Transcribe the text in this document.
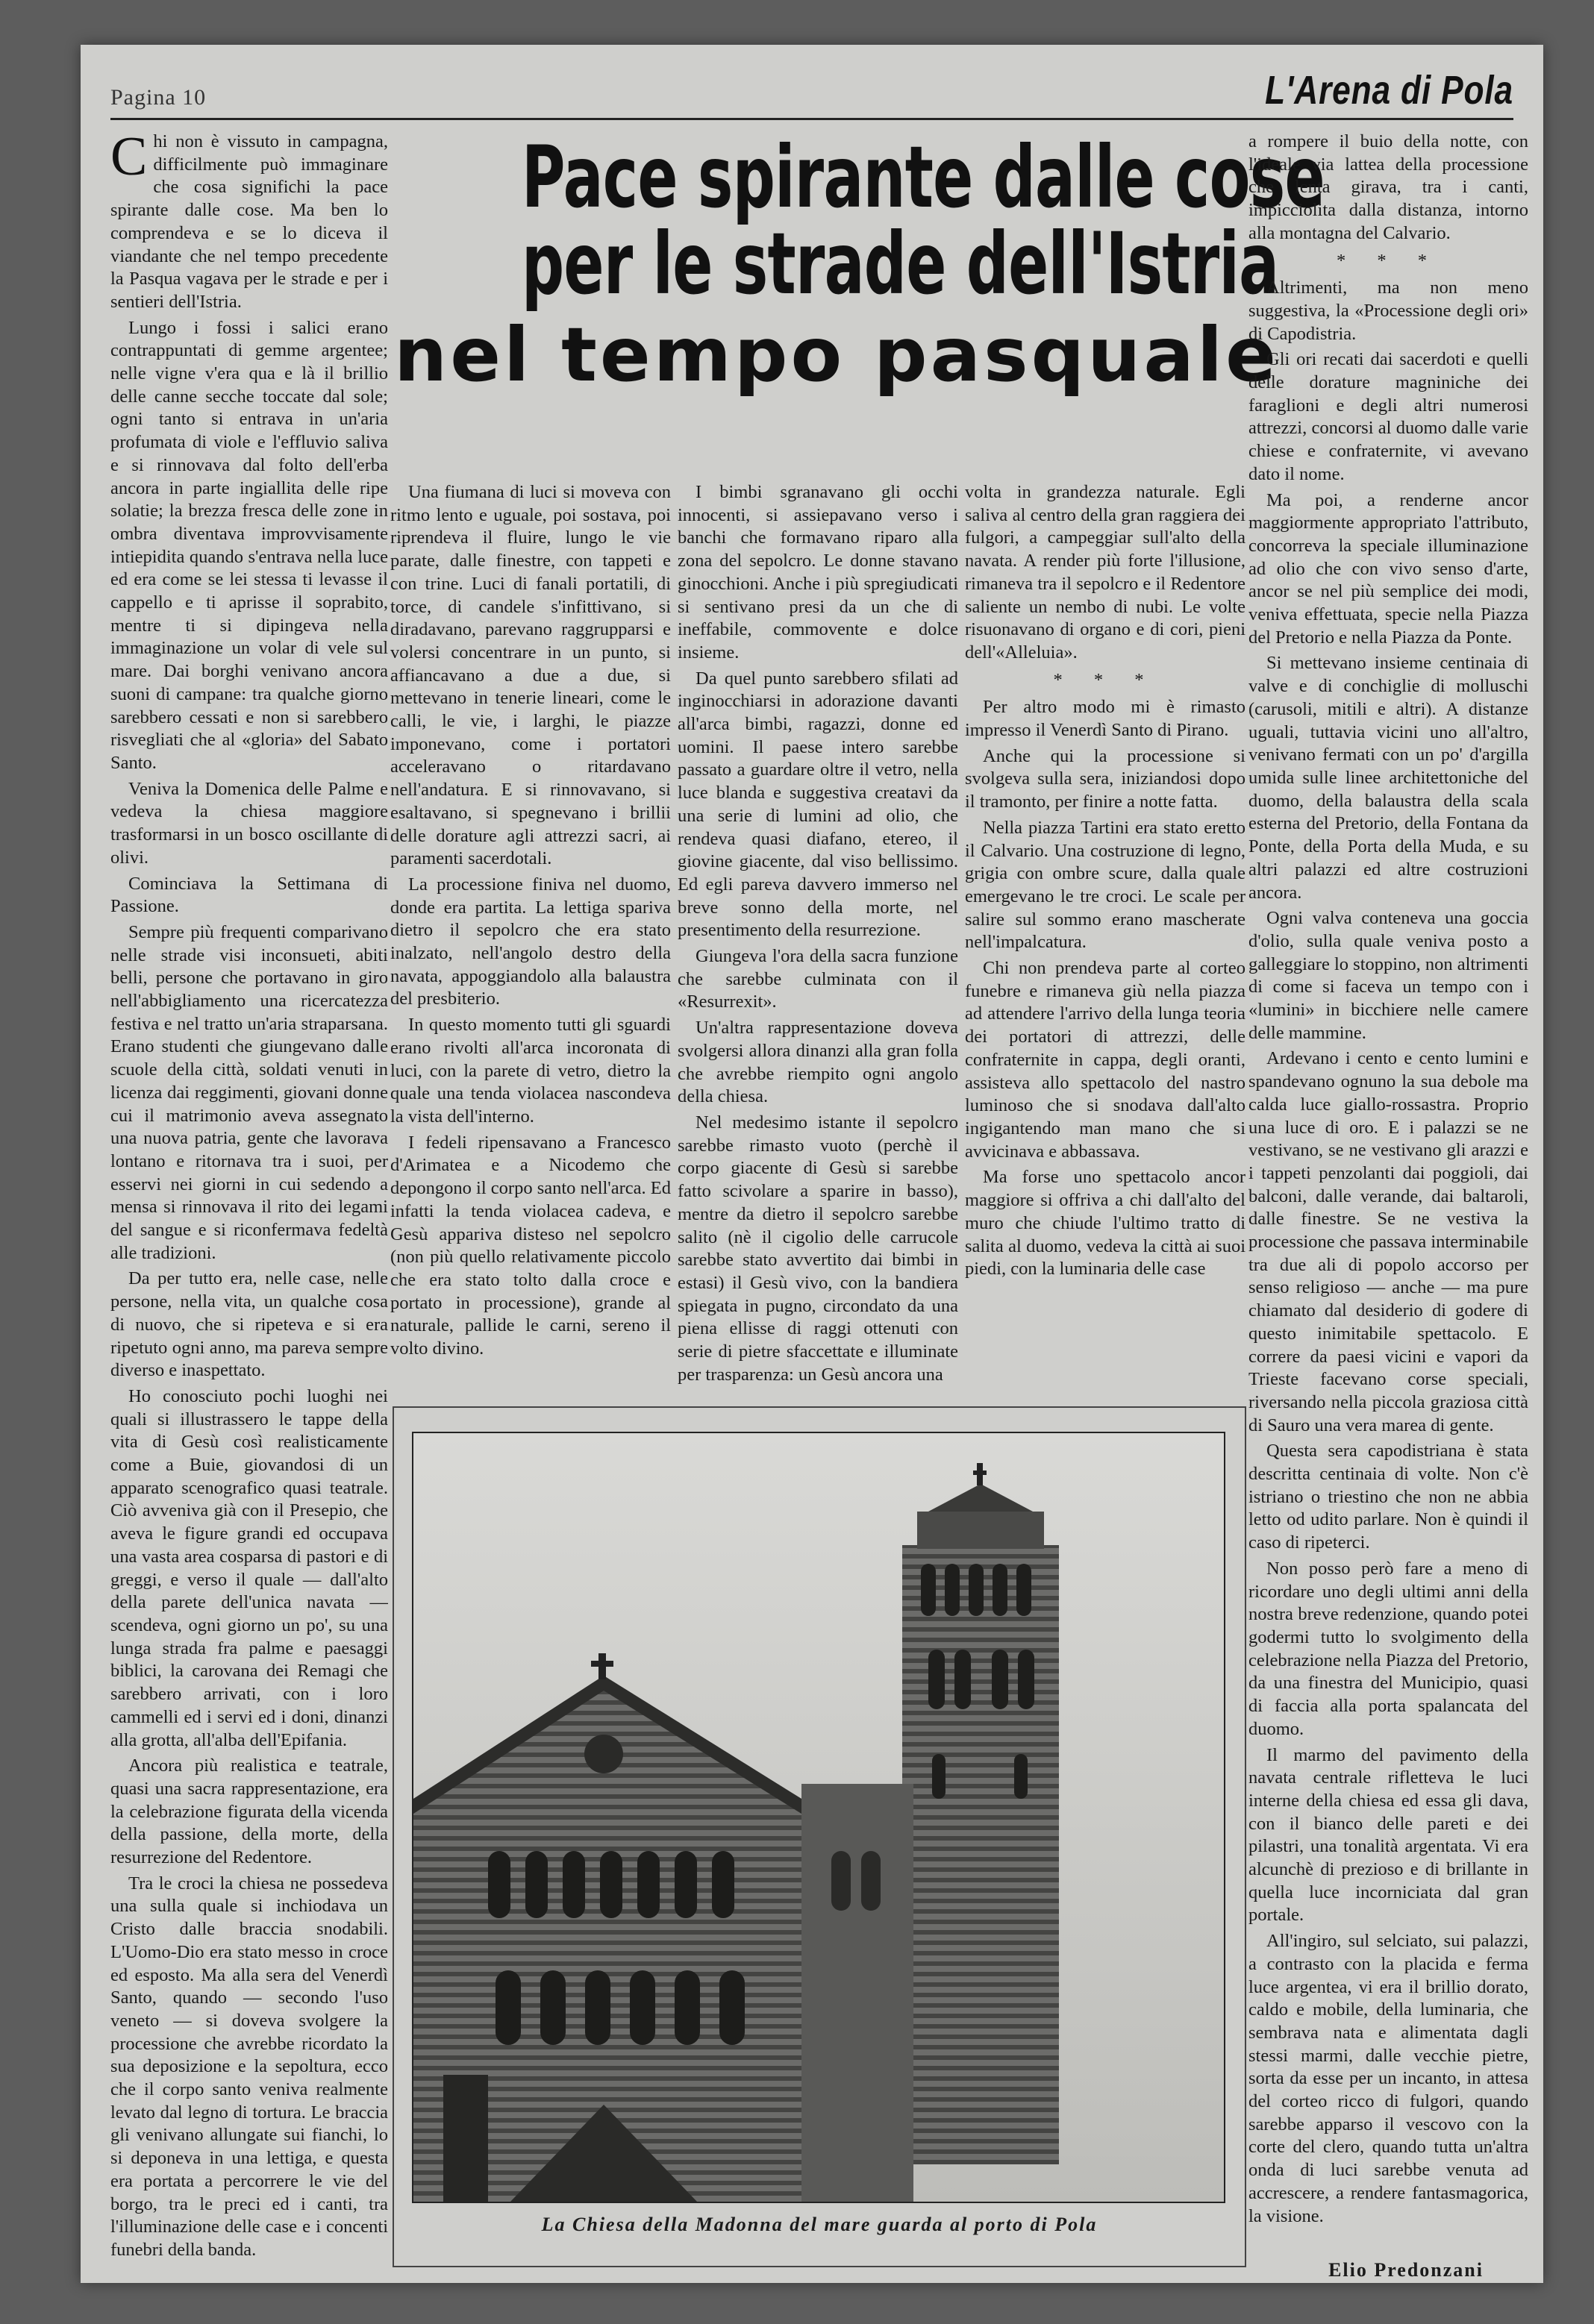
Pagina 10	L'Arena di Pola
C hi non è vissuto in campagna, difficilmente può immaginare che cosa significhi la pace spirante dalle cose. Ma ben lo comprendeva e se lo diceva il viandante che nel tempo precedente la Pasqua vagava per le strade e per i sentieri dell'Istria.

Lungo i fossi i salici erano contrappuntati di gemme argentee; nelle vigne v'era qua e là il brillio delle canne secche toccate dal sole; ogni tanto si entrava in un'aria profumata di viole e l'effluvio saliva e si rinnovava dal folto dell'erba ancora in parte ingiallita delle ripe solatie; la brezza fresca delle zone in ombra diventava improvvisamente intiepidita quando s'entrava nella luce ed era come se lei stessa ti levasse il cappello e ti aprisse il soprabito, mentre ti si dipingeva nella immaginazione un volar di vele sul mare. Dai borghi venivano ancora suoni di campane: tra qualche giorno sarebbero cessati e non si sarebbero risvegliati che al «gloria» del Sabato Santo.

Veniva la Domenica delle Palme e vedeva la chiesa maggiore trasformarsi in un bosco oscillante di olivi.

Cominciava la Settimana di Passione.

Sempre più frequenti comparivano nelle strade visi inconsueti, abiti belli, persone che portavano in giro nell'abbigliamento una ricercatezza festiva e nel tratto un'aria straparsana. Erano studenti che giungevano dalle scuole della città, soldati venuti in licenza dai reggimenti, giovani donne cui il matrimonio aveva assegnato una nuova patria, gente che lavorava lontano e ritornava tra i suoi, per esservi nei giorni in cui sedendo a mensa si rinnovava il rito dei legami del sangue e si riconfermava fedeltà alle tradizioni.

Da per tutto era, nelle case, nelle persone, nella vita, un qualche cosa di nuovo, che si ripeteva e si era ripetuto ogni anno, ma pareva sempre diverso e inaspettato.

Ho conosciuto pochi luoghi nei quali si illustrassero le tappe della vita di Gesù così realisticamente come a Buie, giovandosi di un apparato scenografico quasi teatrale. Ciò avveniva già con il Presepio, che aveva le figure grandi ed occupava una vasta area cosparsa di pastori e di greggi, e verso il quale — dall'alto della parete dell'unica navata — scendeva, ogni giorno un po', su una lunga strada fra palme e paesaggi biblici, la carovana dei Remagi che sarebbero arrivati, con i loro cammelli ed i servi ed i doni, dinanzi alla grotta, all'alba dell'Epifania.

Ancora più realistica e teatrale, quasi una sacra rappresentazione, era la celebrazione figurata della vicenda della passione, della morte, della resurrezione del Redentore.

Tra le croci la chiesa ne possedeva una sulla quale si inchiodava un Cristo dalle braccia snodabili. L'Uomo-Dio era stato messo in croce ed esposto. Ma alla sera del Venerdì Santo, quando — secondo l'uso veneto — si doveva svolgere la processione che avrebbe ricordato la sua deposizione e la sepoltura, ecco che il corpo santo veniva realmente levato dal legno di tortura. Le braccia gli venivano allungate sui fianchi, lo si deponeva in una lettiga, e questa era portata a percorrere le vie del borgo, tra le preci ed i canti, tra l'illuminazione delle case e i concenti funebri della banda.

Pace spirante dalle cose
per le strade dell'Istria
nel tempo pasquale

Una fiumana di luci si moveva con ritmo lento e uguale, poi sostava, poi riprendeva il fluire, lungo le vie parate, dalle finestre, con tappeti e con trine. Luci di fanali portatili, di torce, di candele s'infittivano, si diradavano, parevano raggrupparsi e volersi concentrare in un punto, si affiancavano a due a due, si mettevano in tenerie lineari, come le calli, le vie, i larghi, le piazze imponevano, come i portatori acceleravano o ritardavano nell'andatura. E si rinnovavano, si esaltavano, si spegnevano i brillii delle dorature agli attrezzi sacri, ai paramenti sacerdotali.

La processione finiva nel duomo, donde era partita. La lettiga spariva dietro il sepolcro che era stato inalzato, nell'angolo destro della navata, appoggiandolo alla balaustra del presbiterio.

In questo momento tutti gli sguardi erano rivolti all'arca incoronata di luci, con la parete di vetro, dietro la quale una tenda violacea nascondeva la vista dell'interno.

I fedeli ripensavano a Francesco d'Arimatea e a Nicodemo che depongono il corpo santo nell'arca. Ed infatti la tenda violacea cadeva, e Gesù appariva disteso nel sepolcro (non più quello relativamente piccolo che era stato tolto dalla croce e portato in processione), grande al naturale, pallide le carni, sereno il volto divino.

I bimbi sgranavano gli occhi innocenti, si assiepavano verso i banchi che formavano riparo alla zona del sepolcro. Le donne stavano ginocchioni. Anche i più spregiudicati si sentivano presi da un che di ineffabile, commovente e dolce insieme.

Da quel punto sarebbero sfilati ad inginocchiarsi in adorazione davanti all'arca bimbi, ragazzi, donne ed uomini. Il paese intero sarebbe passato a guardare oltre il vetro, nella luce blanda e suggestiva creatavi da una serie di lumini ad olio, che rendeva quasi diafano, etereo, il giovine giacente, dal viso bellissimo. Ed egli pareva davvero immerso nel breve sonno della morte, nel presentimento della resurrezione.

Giungeva l'ora della sacra funzione che sarebbe culminata con il «Resurrexit».

Un'altra rappresentazione doveva svolgersi allora dinanzi alla gran folla che avrebbe riempito ogni angolo della chiesa.

Nel medesimo istante il sepolcro sarebbe rimasto vuoto (perchè il corpo giacente di Gesù si sarebbe fatto scivolare a sparire in basso), mentre da dietro il sepolcro sarebbe salito (nè il cigolio delle carrucole sarebbe stato avvertito dai bimbi in estasi) il Gesù vivo, con la bandiera spiegata in pugno, circondato da una piena ellisse di raggi ottenuti con serie di pietre sfaccettate e illuminate per trasparenza: un Gesù ancora una

volta in grandezza naturale. Egli saliva al centro della gran raggiera dei fulgori, a campeggiar sull'alto della navata. A render più forte l'illusione, rimaneva tra il sepolcro e il Redentore saliente un nembo di nubi. Le volte risuonavano di organo e di cori, pieni dell'«Alleluia».

* * *

Per altro modo mi è rimasto impresso il Venerdì Santo di Pirano.

Anche qui la processione si svolgeva sulla sera, iniziandosi dopo il tramonto, per finire a notte fatta.

Nella piazza Tartini era stato eretto il Calvario. Una costruzione di legno, grigia con ombre scure, dalla quale emergevano le tre croci. Le scale per salire sul sommo erano mascherate nell'impalcatura.

Chi non prendeva parte al corteo funebre e rimaneva giù nella piazza ad attendere l'arrivo della lunga teoria dei portatori di attrezzi, delle confraternite in cappa, degli oranti, assisteva allo spettacolo del nastro luminoso che si snodava dall'alto ingigantendo man mano che si avvicinava e abbassava.

Ma forse uno spettacolo ancor maggiore si offriva a chi dall'alto del muro che chiude l'ultimo tratto di salita al duomo, vedeva la città ai suoi piedi, con la luminaria delle case

a rompere il buio della notte, con l'ideale via lattea della processione che lenta girava, tra i canti, impicciolita dalla distanza, intorno alla montagna del Calvario.

* * *

Altrimenti, ma non meno suggestiva, la «Processione degli ori» di Capodistria.

Gli ori recati dai sacerdoti e quelli delle dorature magniniche dei faraglioni e degli altri numerosi attrezzi, concorsi al duomo dalle varie chiese e confraternite, vi avevano dato il nome.

Ma poi, a renderne ancor maggiormente appropriato l'attributo, concorreva la speciale illuminazione ad olio che con vivo senso d'arte, ancor se nel più semplice dei modi, veniva effettuata, specie nella Piazza del Pretorio e nella Piazza da Ponte.

Si mettevano insieme centinaia di valve e di conchiglie di molluschi (carusoli, mitili e altri). A distanze uguali, tuttavia vicini uno all'altro, venivano fermati con un po' d'argilla umida sulle linee architettoniche del duomo, della balaustra della scala esterna del Pretorio, della Fontana da Ponte, della Porta della Muda, e su altri palazzi ed altre costruzioni ancora.

Ogni valva conteneva una goccia d'olio, sulla quale veniva posto a galleggiare lo stoppino, non altrimenti di come si faceva un tempo con i «lumini» in bicchiere nelle camere delle mammine.

Ardevano i cento e cento lumini e spandevano ognuno la sua debole ma calda luce giallo-rossastra. Proprio una luce di oro. E i palazzi se ne vestivano, se ne vestivano gli arazzi e i tappeti penzolanti dai poggioli, dai balconi, dalle verande, dai baltaroli, dalle finestre. Se ne vestiva la processione che passava interminabile tra due ali di popolo accorso per senso religioso — anche — ma pure chiamato dal desiderio di godere di questo inimitabile spettacolo. E correre da paesi vicini e vapori da Trieste facevano corse speciali, riversando nella piccola graziosa città di Sauro una vera marea di gente.

Questa sera capodistriana è stata descritta centinaia di volte. Non c'è istriano o triestino che non ne abbia letto od udito parlare. Non è quindi il caso di ripeterci.

Non posso però fare a meno di ricordare uno degli ultimi anni della nostra breve redenzione, quando potei godermi tutto lo svolgimento della celebrazione nella Piazza del Pretorio, da una finestra del Municipio, quasi di faccia alla porta spalancata del duomo.

Il marmo del pavimento della navata centrale rifletteva le luci interne della chiesa ed essa gli dava, con il bianco delle pareti e dei pilastri, una tonalità argentata. Vi era alcunchè di prezioso e di brillante in quella luce incorniciata dal gran portale.

All'ingiro, sul selciato, sui palazzi, a contrasto con la placida e ferma luce argentea, vi era il brillio dorato, caldo e mobile, della luminaria, che sembrava nata e alimentata dagli stessi marmi, dalle vecchie pietre, sorta da esse per un incanto, in attesa del corteo ricco di fulgori, quando sarebbe apparso il vescovo con la corte del clero, quando tutta un'altra onda di luci sarebbe venuta ad accrescere, a rendere fantasmagorica, la visione.

La Chiesa della Madonna del mare guarda al porto di Pola
Elio Predonzani
